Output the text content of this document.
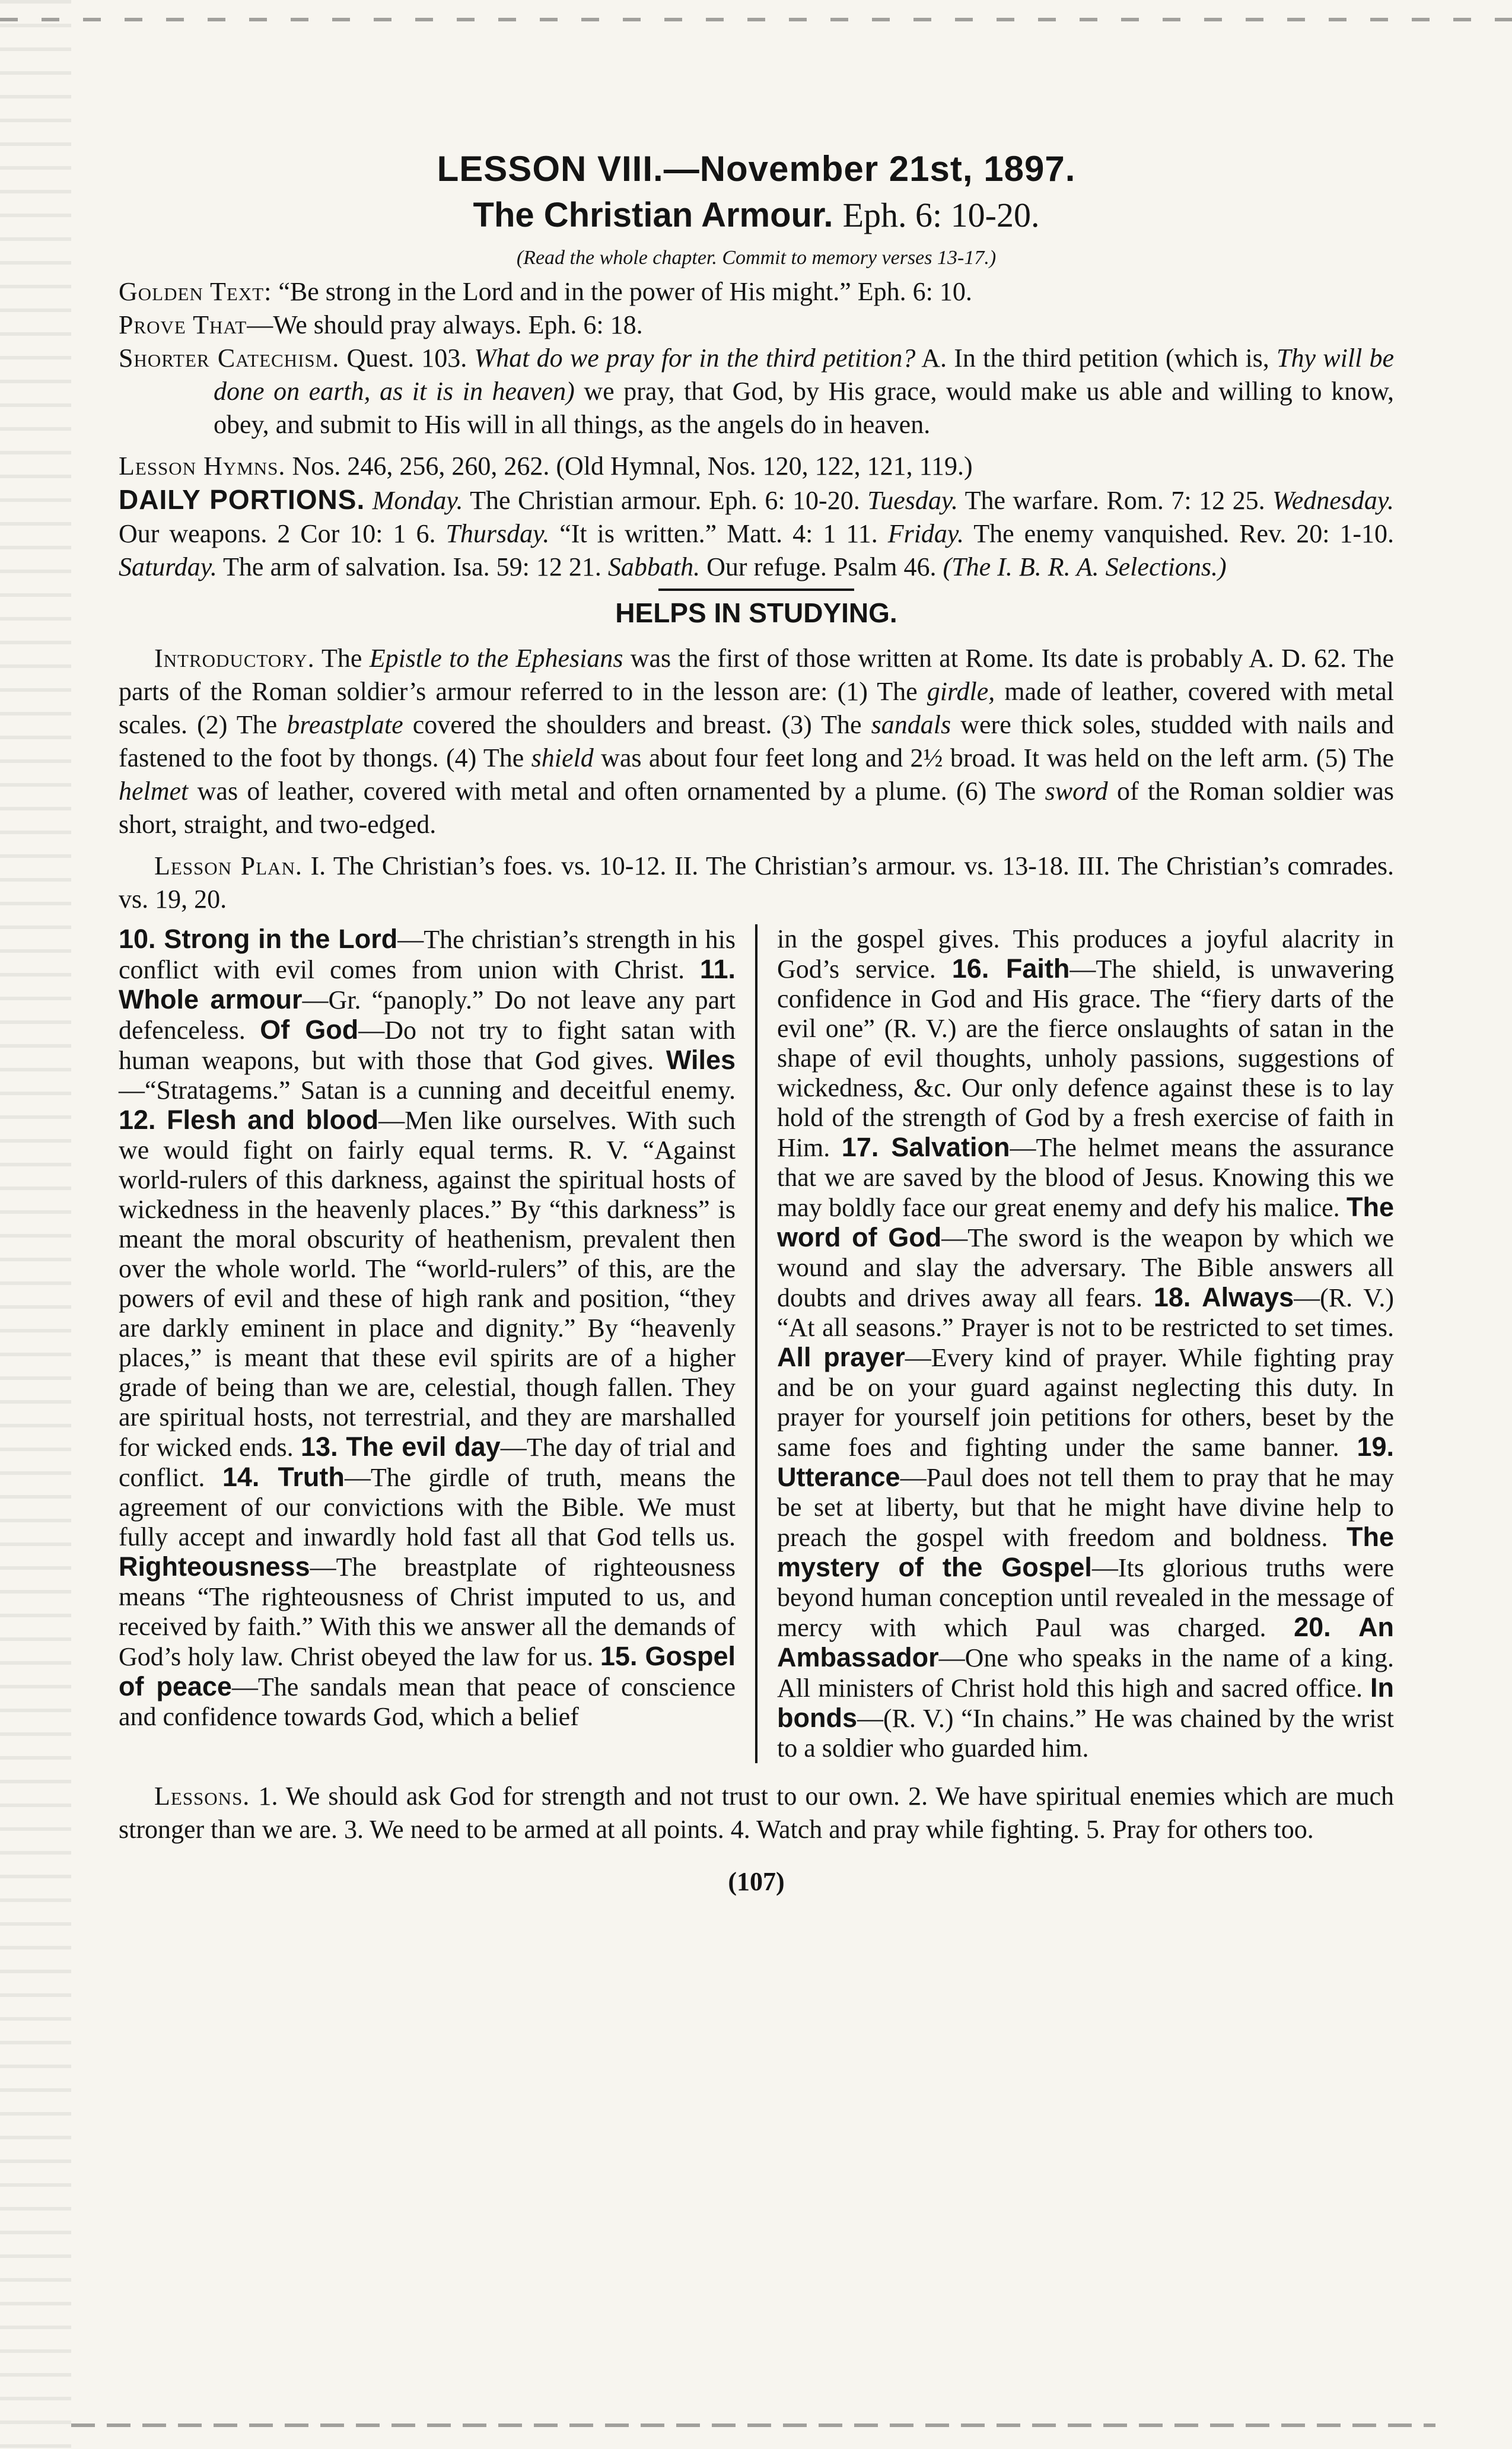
LESSON VIII.—November 21st, 1897.
The Christian Armour. Eph. 6: 10-20.
(Read the whole chapter. Commit to memory verses 13-17.)

Golden Text: “Be strong in the Lord and in the power of His might.” Eph. 6: 10.

Prove That—We should pray always. Eph. 6: 18.

Shorter Catechism. Quest. 103. What do we pray for in the third petition? A. In the third petition (which is, Thy will be done on earth, as it is in heaven) we pray, that God, by His grace, would make us able and willing to know, obey, and submit to His will in all things, as the angels do in heaven.

Lesson Hymns. Nos. 246, 256, 260, 262. (Old Hymnal, Nos. 120, 122, 121, 119.)

DAILY PORTIONS. Monday. The Christian armour. Eph. 6: 10-20. Tuesday. The warfare. Rom. 7: 12 25. Wednesday. Our weapons. 2 Cor 10: 1 6. Thursday. “It is written.” Matt. 4: 1 11. Friday. The enemy vanquished. Rev. 20: 1-10. Saturday. The arm of salvation. Isa. 59: 12 21. Sabbath. Our refuge. Psalm 46. (The I. B. R. A. Selections.)

HELPS IN STUDYING.

Introductory. The Epistle to the Ephesians was the first of those written at Rome. Its date is probably A. D. 62. The parts of the Roman soldier’s armour referred to in the lesson are: (1) The girdle, made of leather, covered with metal scales. (2) The breastplate covered the shoulders and breast. (3) The sandals were thick soles, studded with nails and fastened to the foot by thongs. (4) The shield was about four feet long and 2½ broad. It was held on the left arm. (5) The helmet was of leather, covered with metal and often ornamented by a plume. (6) The sword of the Roman soldier was short, straight, and two-edged.

Lesson Plan. I. The Christian’s foes. vs. 10-12. II. The Christian’s armour. vs. 13-18. III. The Christian’s comrades. vs. 19, 20.

10. Strong in the Lord—The christian’s strength in his conflict with evil comes from union with Christ. 11. Whole armour—Gr. “panoply.” Do not leave any part defenceless. Of God—Do not try to fight satan with human weapons, but with those that God gives. Wiles—“Stratagems.” Satan is a cunning and deceitful enemy. 12. Flesh and blood—Men like ourselves. With such we would fight on fairly equal terms. R. V. “Against world-rulers of this darkness, against the spiritual hosts of wickedness in the heavenly places.” By “this darkness” is meant the moral obscurity of heathenism, prevalent then over the whole world. The “world-rulers” of this, are the powers of evil and these of high rank and position, “they are darkly eminent in place and dignity.” By “heavenly places,” is meant that these evil spirits are of a higher grade of being than we are, celestial, though fallen. They are spiritual hosts, not terrestrial, and they are marshalled for wicked ends. 13. The evil day—The day of trial and conflict. 14. Truth—The girdle of truth, means the agreement of our convictions with the Bible. We must fully accept and inwardly hold fast all that God tells us. Righteousness—The breastplate of righteousness means “The righteousness of Christ imputed to us, and received by faith.” With this we answer all the demands of God’s holy law. Christ obeyed the law for us. 15. Gospel of peace—The sandals mean that peace of conscience and confidence towards God, which a belief

in the gospel gives. This produces a joyful alacrity in God’s service. 16. Faith—The shield, is unwavering confidence in God and His grace. The “fiery darts of the evil one” (R. V.) are the fierce onslaughts of satan in the shape of evil thoughts, unholy passions, suggestions of wickedness, &c. Our only defence against these is to lay hold of the strength of God by a fresh exercise of faith in Him. 17. Salvation—The helmet means the assurance that we are saved by the blood of Jesus. Knowing this we may boldly face our great enemy and defy his malice. The word of God—The sword is the weapon by which we wound and slay the adversary. The Bible answers all doubts and drives away all fears. 18. Always—(R. V.) “At all seasons.” Prayer is not to be restricted to set times. All prayer—Every kind of prayer. While fighting pray and be on your guard against neglecting this duty. In prayer for yourself join petitions for others, beset by the same foes and fighting under the same banner. 19. Utterance—Paul does not tell them to pray that he may be set at liberty, but that he might have divine help to preach the gospel with freedom and boldness. The mystery of the Gospel—Its glorious truths were beyond human conception until revealed in the message of mercy with which Paul was charged. 20. An Ambassador—One who speaks in the name of a king. All ministers of Christ hold this high and sacred office. In bonds—(R. V.) “In chains.” He was chained by the wrist to a soldier who guarded him.

Lessons. 1. We should ask God for strength and not trust to our own. 2. We have spiritual enemies which are much stronger than we are. 3. We need to be armed at all points. 4. Watch and pray while fighting. 5. Pray for others too.

(107)
